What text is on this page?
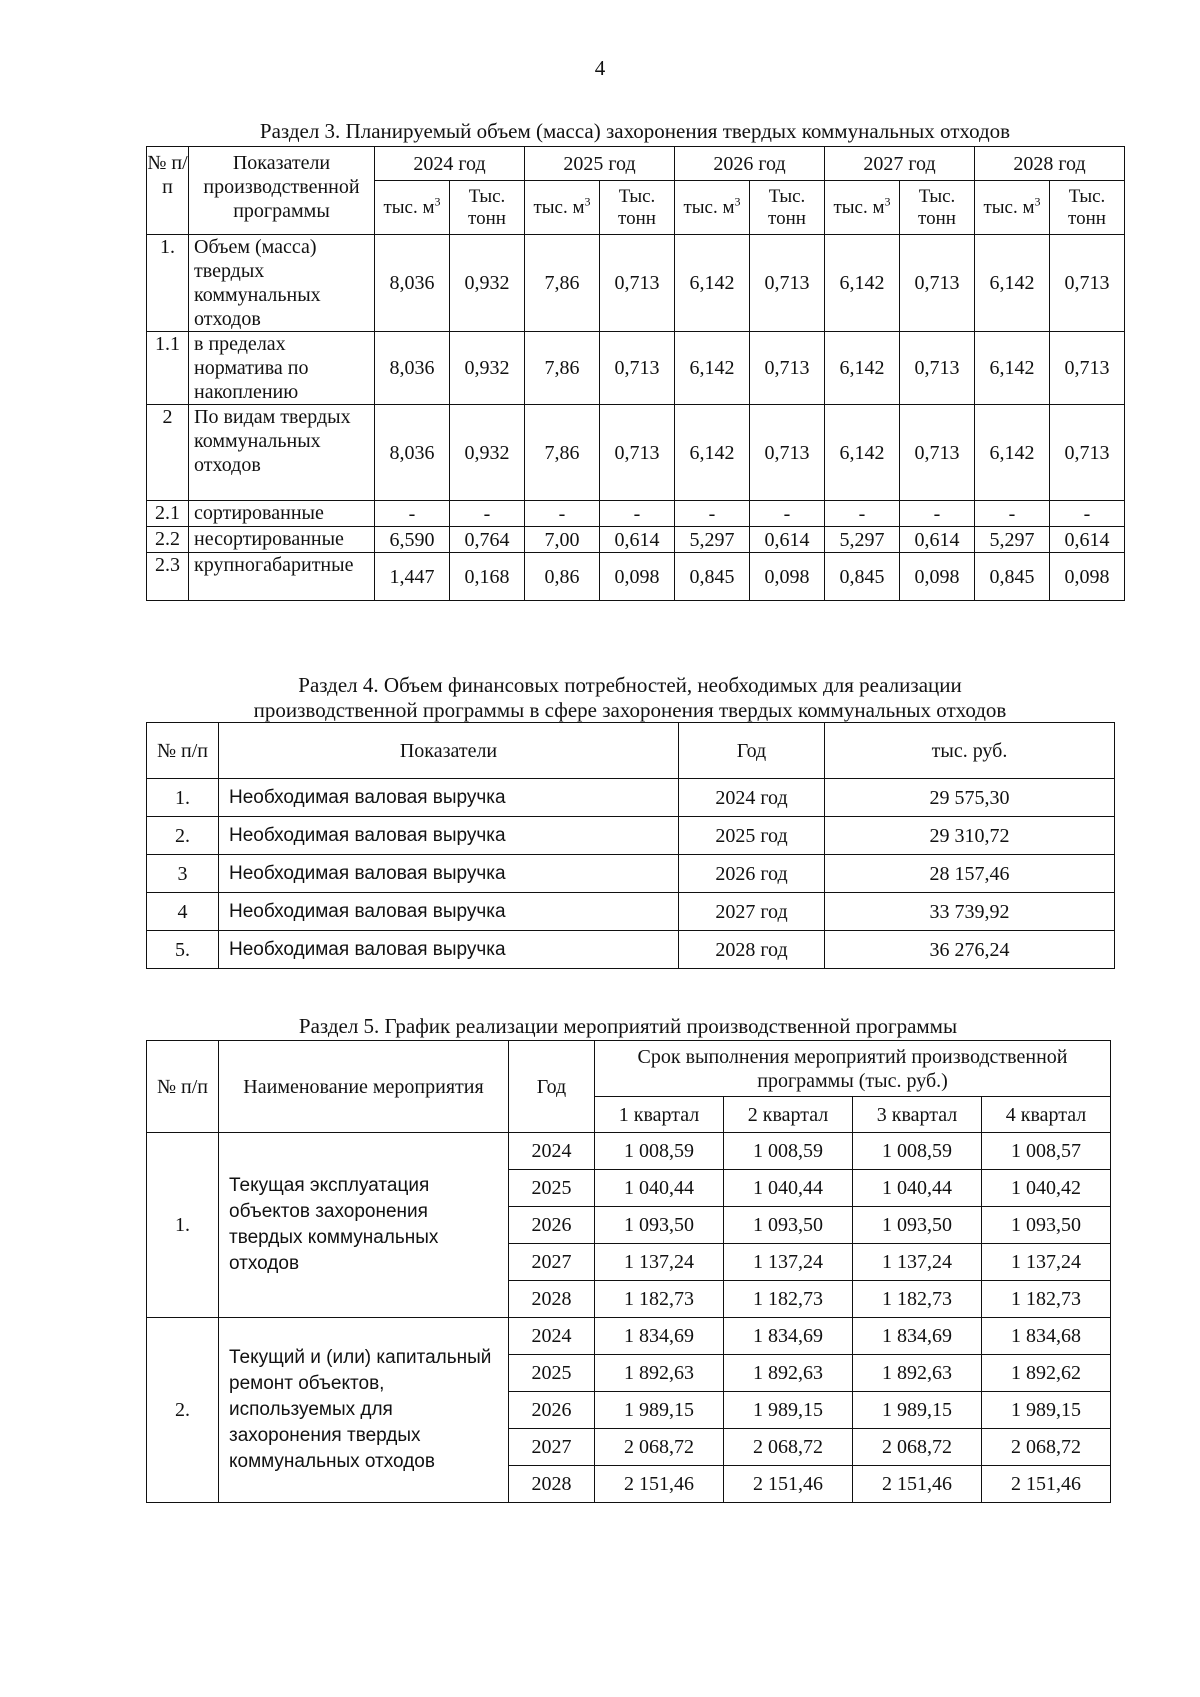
4
Раздел 3. Планируемый объем (масса) захоронения твердых коммунальных отходов
№ п/п	Показатели производственной программы	2024 год		2025 год		2026 год		2027 год		2028 год	
		тыс. $м^3$	Тыс. тонн	тыс. $м^3$	Тыс. тонн	тыс. $м^3$	Тыс. тонн	тыс. $м^3$	Тыс. тонн	тыс. $м^3$	Тыс. тонн
1.	Объем (масса) твердых коммунальных отходов	8,036	0,932	7,86	0,713	6,142	0,713	6,142	0,713	6,142	0,713
1.1	в пределах норматива по накоплению	8,036	0,932	7,86	0,713	6,142	0,713	6,142	0,713	6,142	0,713
2	По видам твердых коммунальных отходов	8,036	0,932	7,86	0,713	6,142	0,713	6,142	0,713	6,142	0,713
2.1	сортированные	-	-	-	-	-	-	-	-	-	-
2.2	несортированные	6,590	0,764	7,00	0,614	5,297	0,614	5,297	0,614	5,297	0,614
2.3	крупногабаритные	1,447	0,168	0,86	0,098	0,845	0,098	0,845	0,098	0,845	0,098
Раздел 4. Объем финансовых потребностей, необходимых для реализации
производственной программы в сфере захоронения твердых коммунальных отходов
№ п/п	Показатели	Год	тыс. руб.
1.	Необходимая валовая выручка	2024 год	29 575,30
2.	Необходимая валовая выручка	2025 год	29 310,72
3	Необходимая валовая выручка	2026 год	28 157,46
4	Необходимая валовая выручка	2027 год	33 739,92
5.	Необходимая валовая выручка	2028 год	36 276,24
Раздел 5. График реализации мероприятий производственной программы
№ п/п	Наименование мероприятия	Год	Срок выполнения мероприятий производственной программы (тыс. руб.)			
			1 квартал	2 квартал	3 квартал	4 квартал
1.	Текущая эксплуатация объектов захоронения твердых коммунальных отходов	2024	1 008,59	1 008,59	1 008,59	1 008,57
		2025	1 040,44	1 040,44	1 040,44	1 040,42
		2026	1 093,50	1 093,50	1 093,50	1 093,50
		2027	1 137,24	1 137,24	1 137,24	1 137,24
		2028	1 182,73	1 182,73	1 182,73	1 182,73
2.	Текущий и (или) капитальный ремонт объектов, используемых для захоронения твердых коммунальных отходов	2024	1 834,69	1 834,69	1 834,69	1 834,68
		2025	1 892,63	1 892,63	1 892,63	1 892,62
		2026	1 989,15	1 989,15	1 989,15	1 989,15
		2027	2 068,72	2 068,72	2 068,72	2 068,72
		2028	2 151,46	2 151,46	2 151,46	2 151,46
